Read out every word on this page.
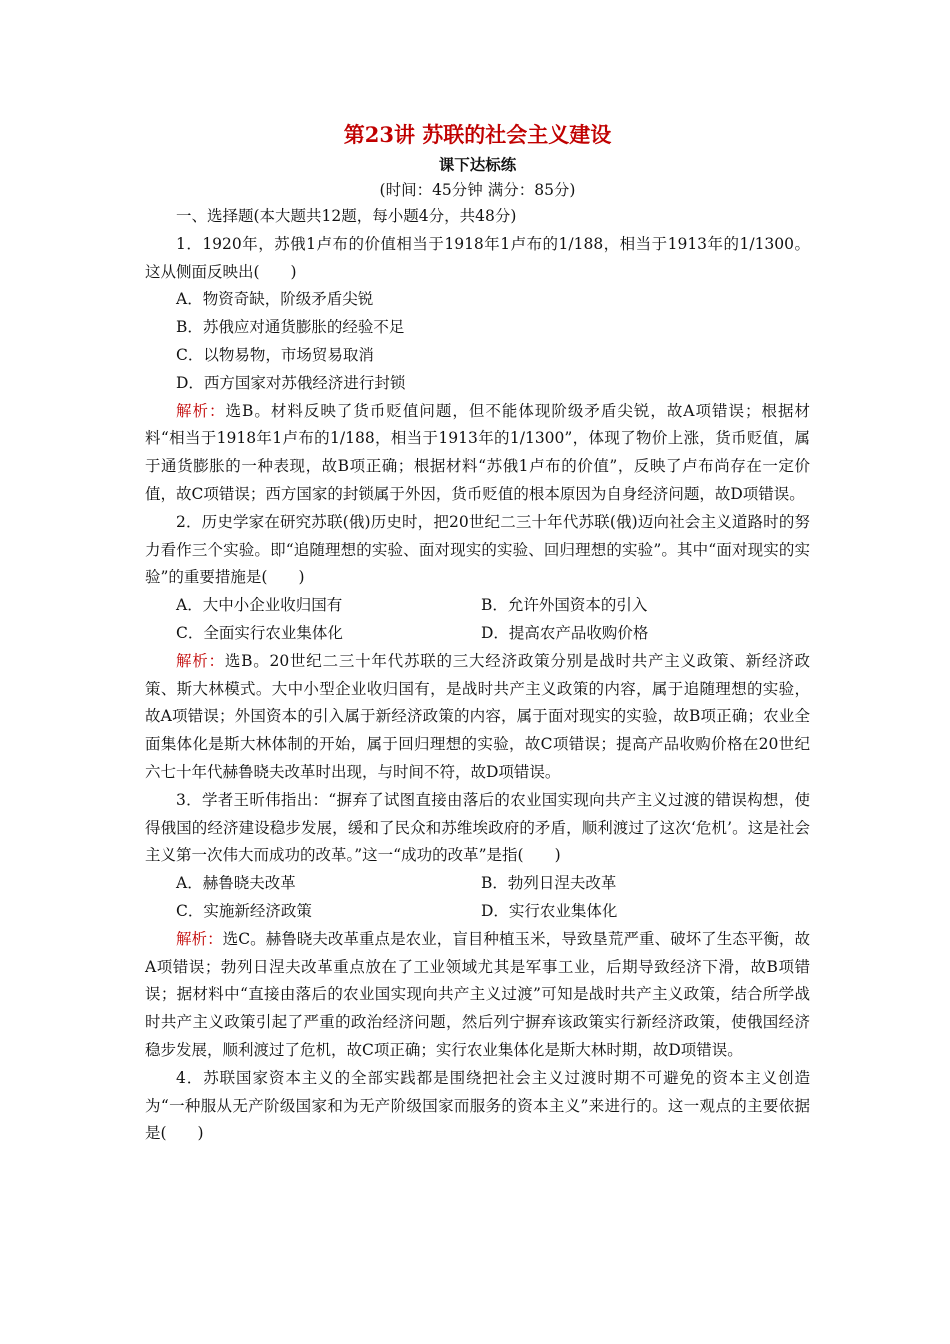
第23讲 苏联的社会主义建设
课下达标练
(时间：45分钟 满分：85分)

一、选择题(本大题共12题，每小题4分，共48分)

1．1920年，苏俄1卢布的价值相当于1918年1卢布的1/188，相当于1913年的1/1300。这从侧面反映出(　　)

A．物资奇缺，阶级矛盾尖锐

B．苏俄应对通货膨胀的经验不足

C．以物易物，市场贸易取消

D．西方国家对苏俄经济进行封锁

解析：选B。材料反映了货币贬值问题，但不能体现阶级矛盾尖锐，故A项错误；根据材料“相当于1918年1卢布的1/188，相当于1913年的1/1300”，体现了物价上涨，货币贬值，属于通货膨胀的一种表现，故B项正确；根据材料“苏俄1卢布的价值”，反映了卢布尚存在一定价值，故C项错误；西方国家的封锁属于外因，货币贬值的根本原因为自身经济问题，故D项错误。

2．历史学家在研究苏联(俄)历史时，把20世纪二三十年代苏联(俄)迈向社会主义道路时的努力看作三个实验。即“追随理想的实验、面对现实的实验、回归理想的实验”。其中“面对现实的实验”的重要措施是(　　)

A．大中小企业收归国有	B．允许外国资本的引入
C．全面实行农业集体化	D．提高农产品收购价格

解析：选B。20世纪二三十年代苏联的三大经济政策分别是战时共产主义政策、新经济政策、斯大林模式。大中小型企业收归国有，是战时共产主义政策的内容，属于追随理想的实验，故A项错误；外国资本的引入属于新经济政策的内容，属于面对现实的实验，故B项正确；农业全面集体化是斯大林体制的开始，属于回归理想的实验，故C项错误；提高产品收购价格在20世纪六七十年代赫鲁晓夫改革时出现，与时间不符，故D项错误。

3．学者王昕伟指出：“摒弃了试图直接由落后的农业国实现向共产主义过渡的错误构想，使得俄国的经济建设稳步发展，缓和了民众和苏维埃政府的矛盾，顺利渡过了这次‘危机’。这是社会主义第一次伟大而成功的改革。”这一“成功的改革”是指(　　)

A．赫鲁晓夫改革	B．勃列日涅夫改革
C．实施新经济政策	D．实行农业集体化

解析：选C。赫鲁晓夫改革重点是农业，盲目种植玉米，导致垦荒严重、破坏了生态平衡，故A项错误；勃列日涅夫改革重点放在了工业领域尤其是军事工业，后期导致经济下滑，故B项错误；据材料中“直接由落后的农业国实现向共产主义过渡”可知是战时共产主义政策，结合所学战时共产主义政策引起了严重的政治经济问题，然后列宁摒弃该政策实行新经济政策，使俄国经济稳步发展，顺利渡过了危机，故C项正确；实行农业集体化是斯大林时期，故D项错误。

4．苏联国家资本主义的全部实践都是围绕把社会主义过渡时期不可避免的资本主义创造为“一种服从无产阶级国家和为无产阶级国家而服务的资本主义”来进行的。这一观点的主要依据是(　　)
